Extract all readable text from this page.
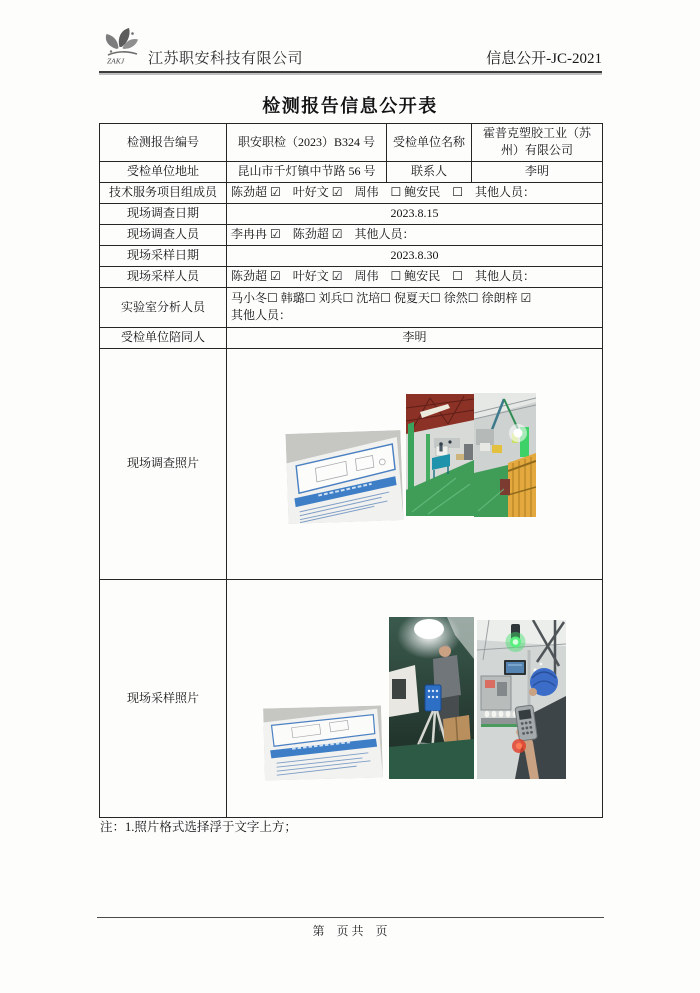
ZAKJ 江苏职安科技有限公司	信息公开-JC-2021
检测报告信息公开表
检测报告编号	职安职检（2023）B324 号	受检单位名称	霍普克塑胶工业（苏州）有限公司
受检单位地址	昆山市千灯镇中节路 56 号	联系人	李明
技术服务项目组成员	陈劲超 ☑　叶好文 ☑　周伟　☐ 鲍安民　☐　其他人员：		
现场调查日期	2023.8.15		
现场调查人员	李冉冉 ☑　陈劲超 ☑　其他人员：		
现场采样日期	2023.8.30		
现场采样人员	陈劲超 ☑　叶好文 ☑　周伟　☐ 鲍安民　☐　其他人员：		
实验室分析人员	马小冬☐ 韩璐☐ 刘兵☐ 沈培☐ 倪夏天☐ 徐然☐ 徐朗梓 ☑
其他人员：		

受检单位陪同人	李明		
现场调查照片	

现场采样照片	
注：1.照片格式选择浮于文字上方；
第　页 共　页
